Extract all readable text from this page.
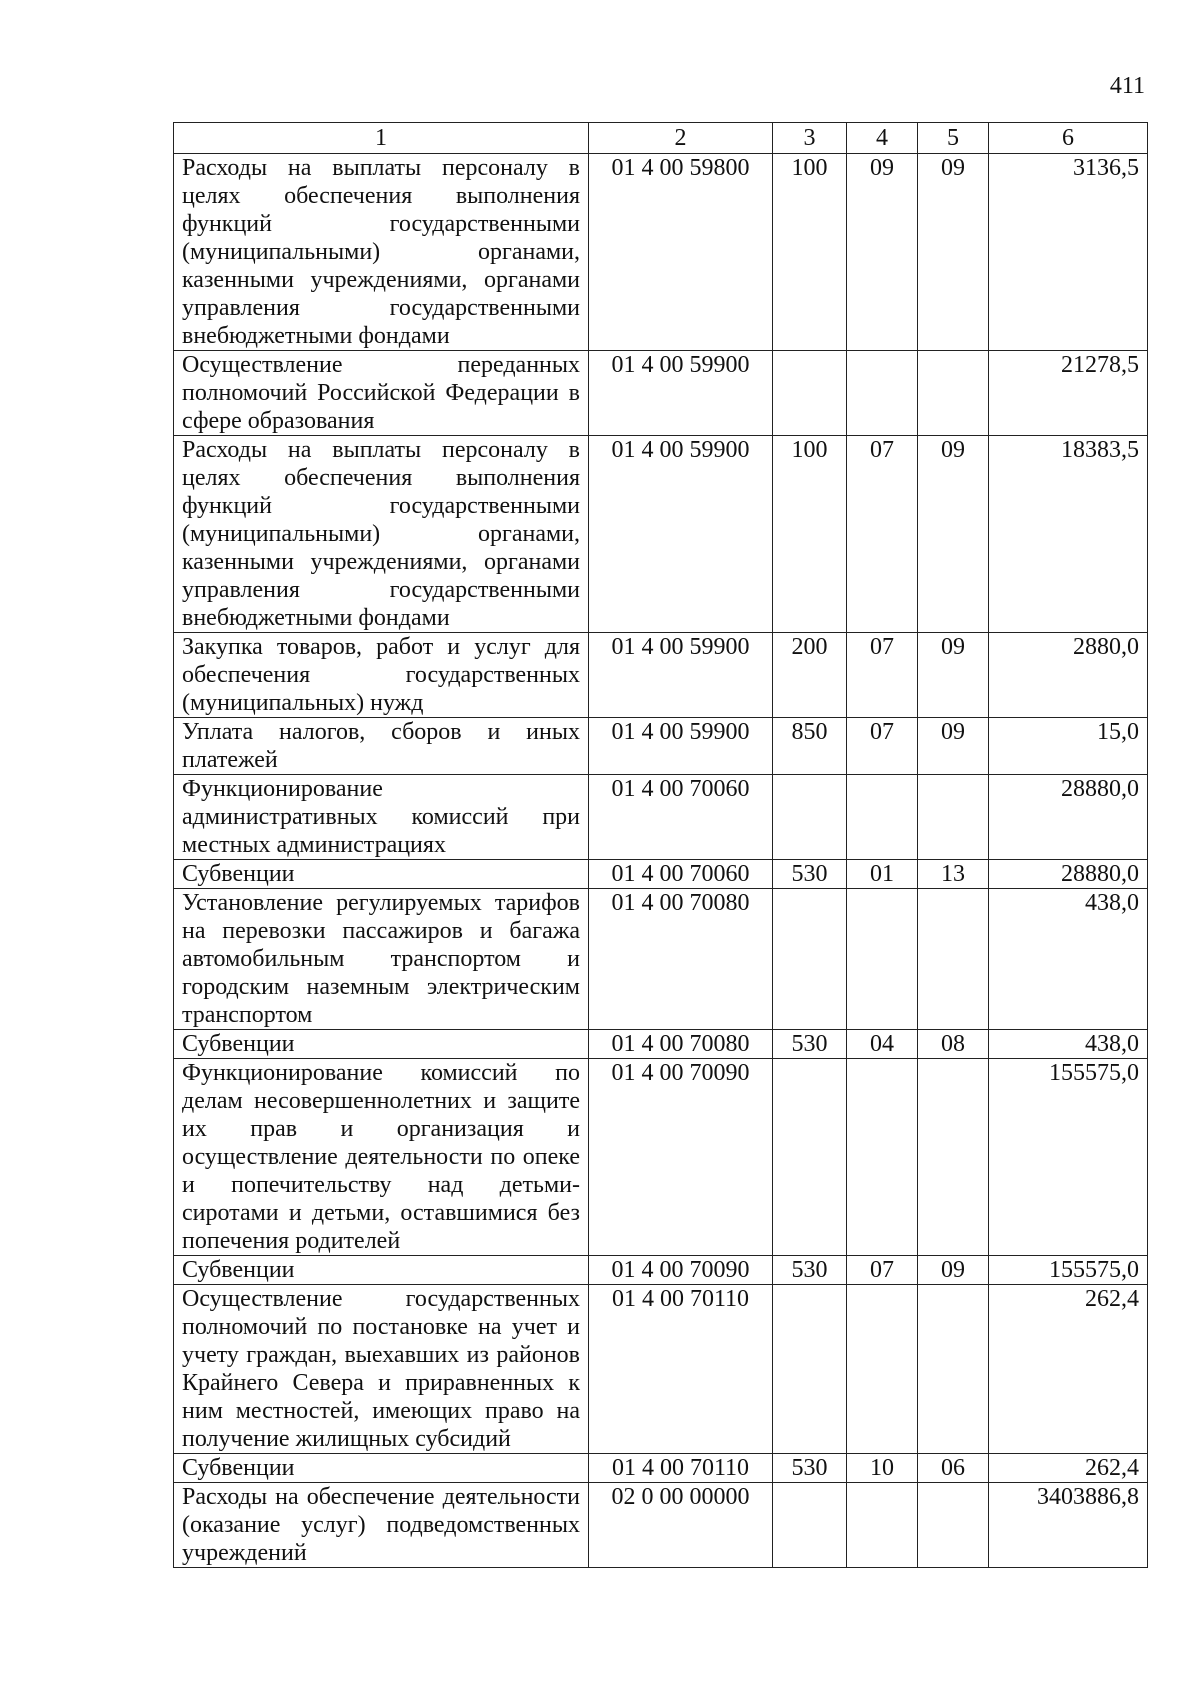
411
1	2	3	4	5	6
Расходы на выплаты персоналу в целях обеспечения выполнения функций государственными (муниципальными) органами, казенными учреждениями, органами управления государственными внебюджетными фондами	01 4 00 59800	100	09	09	3136,5
Осуществление переданных полномочий Российской Федерации в сфере образования	01 4 00 59900				21278,5
Расходы на выплаты персоналу в целях обеспечения выполнения функций государственными (муниципальными) органами, казенными учреждениями, органами управления государственными внебюджетными фондами	01 4 00 59900	100	07	09	18383,5
Закупка товаров, работ и услуг для обеспечения государственных (муниципальных) нужд	01 4 00 59900	200	07	09	2880,0
Уплата налогов, сборов и иных платежей	01 4 00 59900	850	07	09	15,0
Функционирование административных комиссий при местных администрациях	01 4 00 70060				28880,0
Субвенции	01 4 00 70060	530	01	13	28880,0
Установление регулируемых тарифов на перевозки пассажиров и багажа автомобильным транспортом и городским наземным электрическим транспортом	01 4 00 70080				438,0
Субвенции	01 4 00 70080	530	04	08	438,0
Функционирование комиссий по делам несовершеннолетних и защите их прав и организация и осуществление деятельности по опеке и попечительству над детьми-сиротами и детьми, оставшимися без попечения родителей	01 4 00 70090				155575,0
Субвенции	01 4 00 70090	530	07	09	155575,0
Осуществление государственных полномочий по постановке на учет и учету граждан, выехавших из районов Крайнего Севера и приравненных к ним местностей, имеющих право на получение жилищных субсидий	01 4 00 70110				262,4
Субвенции	01 4 00 70110	530	10	06	262,4
Расходы на обеспечение деятельности (оказание услуг) подведомственных учреждений	02 0 00 00000				3403886,8
